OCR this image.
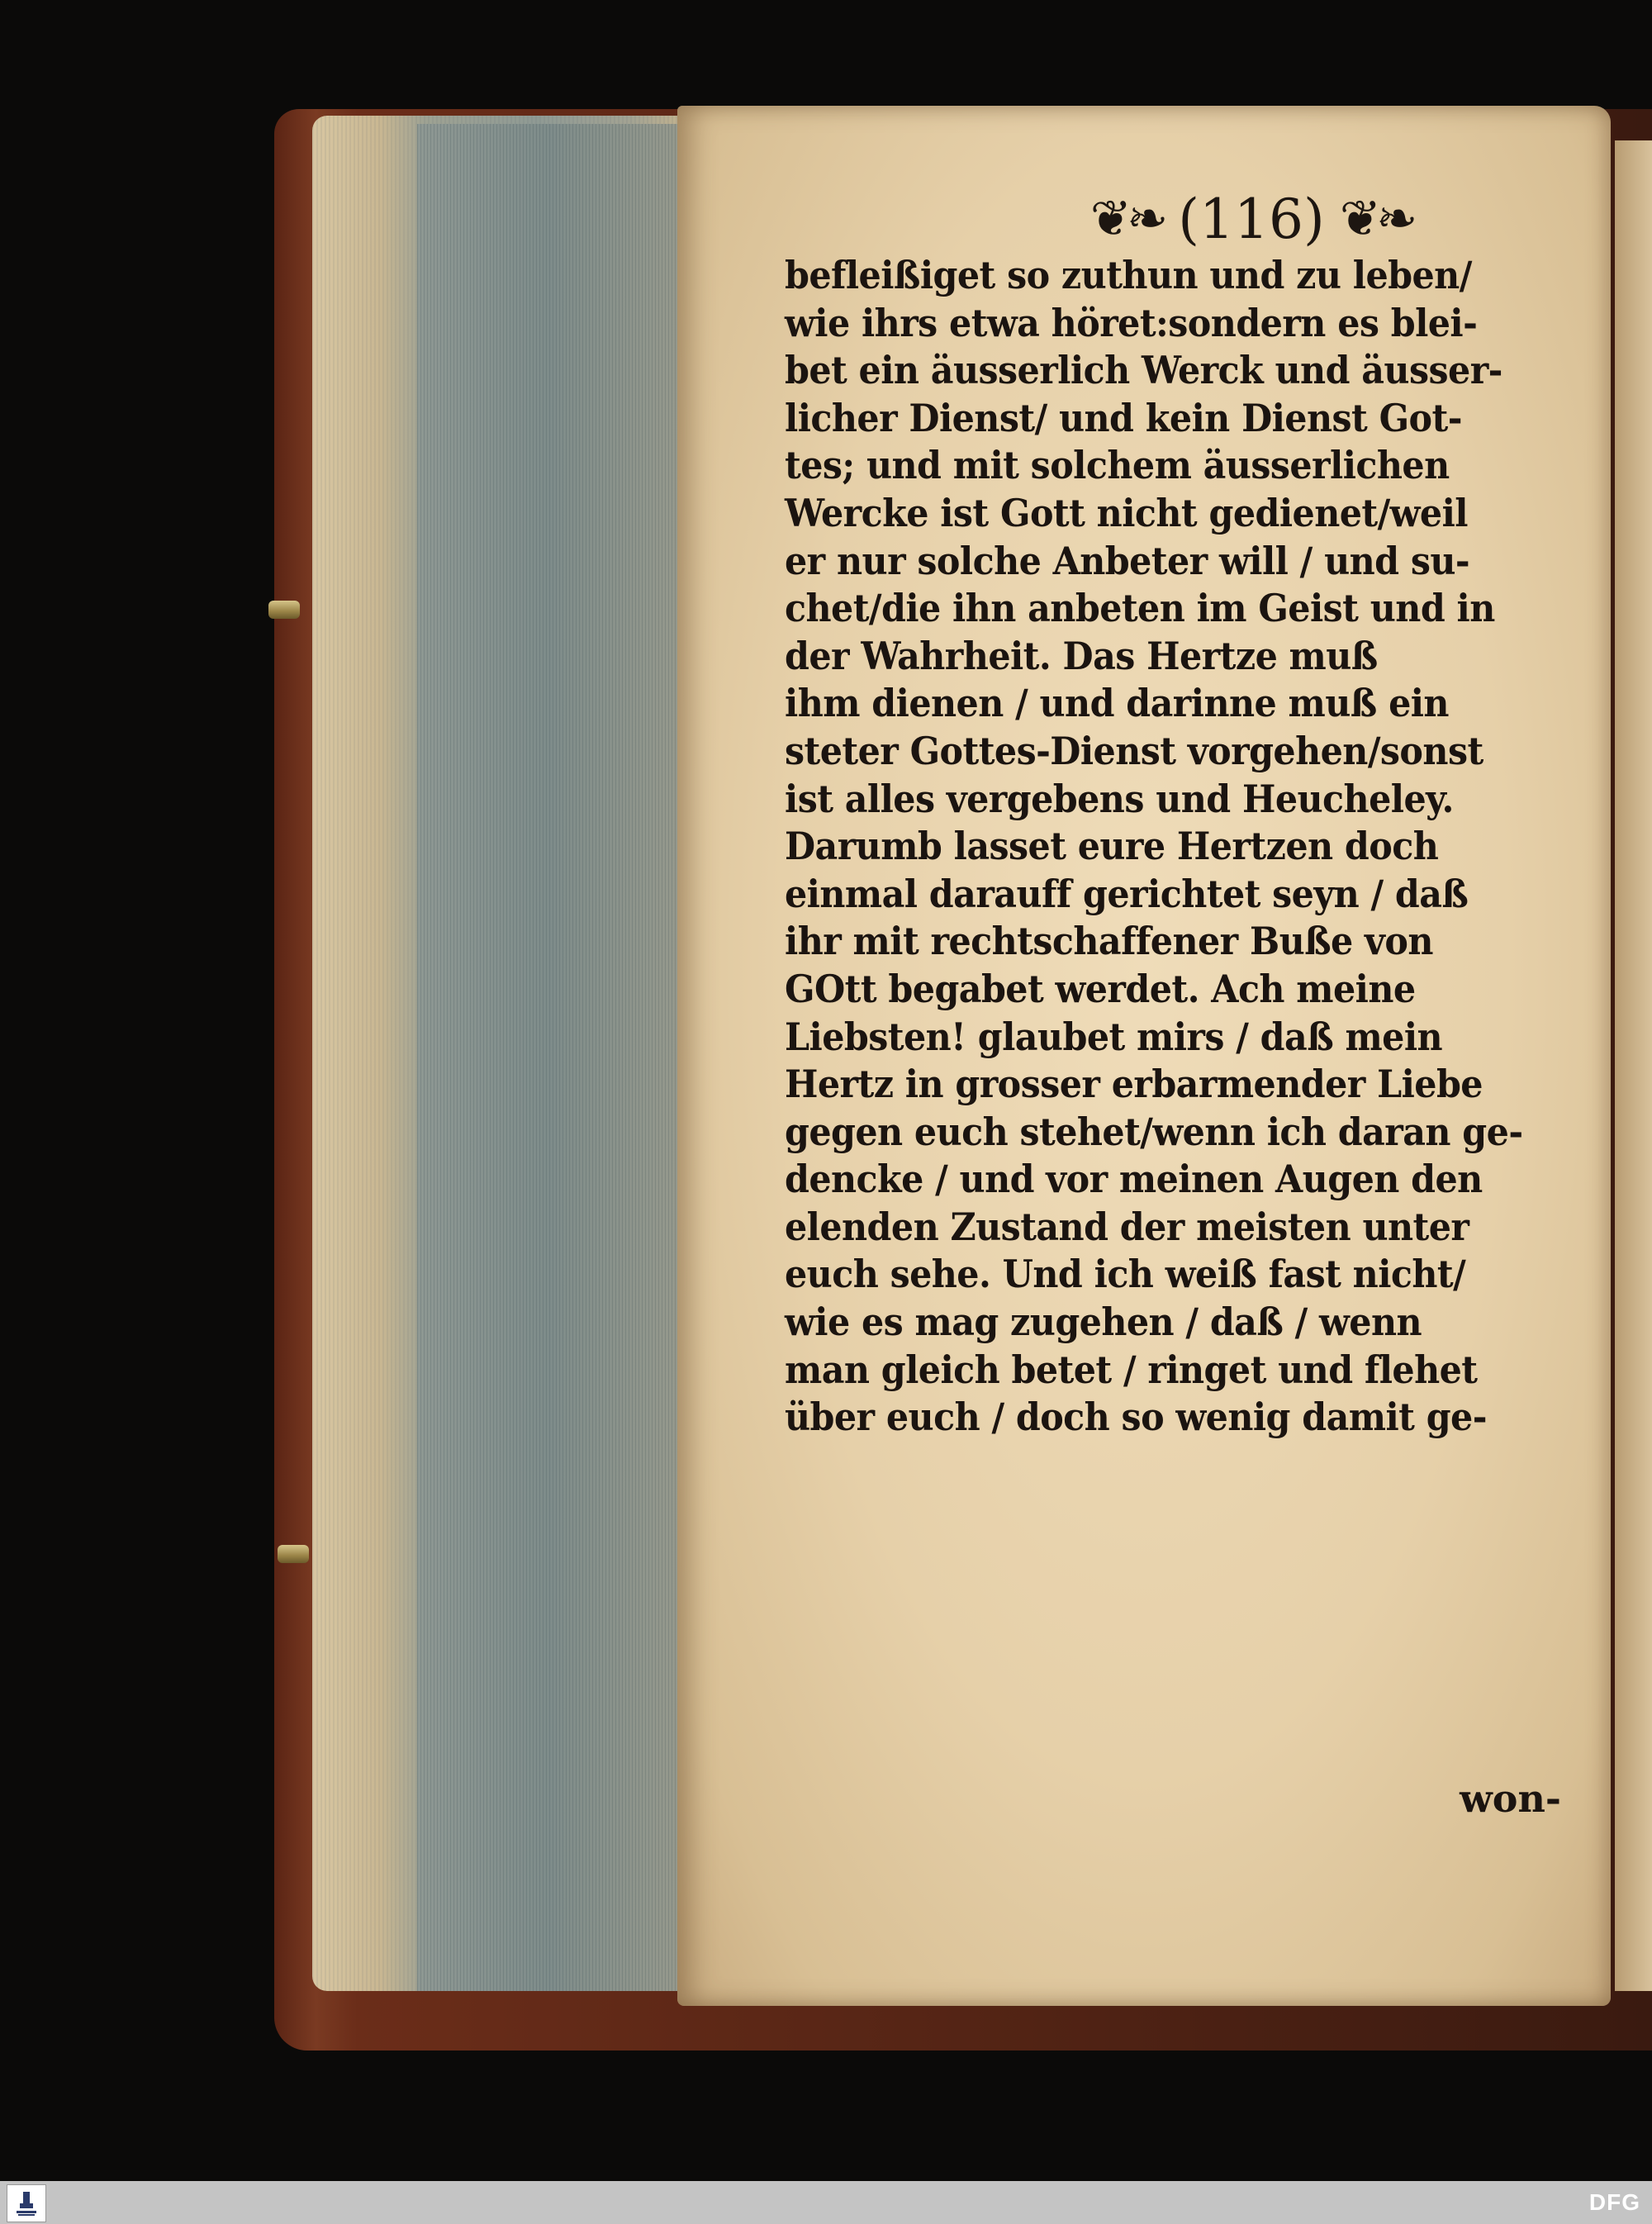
❦❧ (116) ❦❧
befleißiget so zuthun und zu leben/
wie ihrs etwa höret:sondern es blei-
bet ein äusserlich Werck und äusser-
licher Dienst/ und kein Dienst Got-
tes; und mit solchem äusserlichen
Wercke ist Gott nicht gedienet/weil
er nur solche Anbeter will / und su-
chet/die ihn anbeten im Geist und in
der Wahrheit. Das Hertze muß
ihm dienen / und darinne muß ein
steter Gottes-Dienst vorgehen/sonst
ist alles vergebens und Heucheley.
Darumb lasset eure Hertzen doch
einmal darauff gerichtet seyn / daß
ihr mit rechtschaffener Buße von
GOtt begabet werdet. Ach meine
Liebsten! glaubet mirs / daß mein
Hertz in grosser erbarmender Liebe
gegen euch stehet/wenn ich daran ge-
dencke / und vor meinen Augen den
elenden Zustand der meisten unter
euch sehe. Und ich weiß fast nicht/
wie es mag zugehen / daß / wenn
man gleich betet / ringet und flehet
über euch / doch so wenig damit ge-
won-
DFG
